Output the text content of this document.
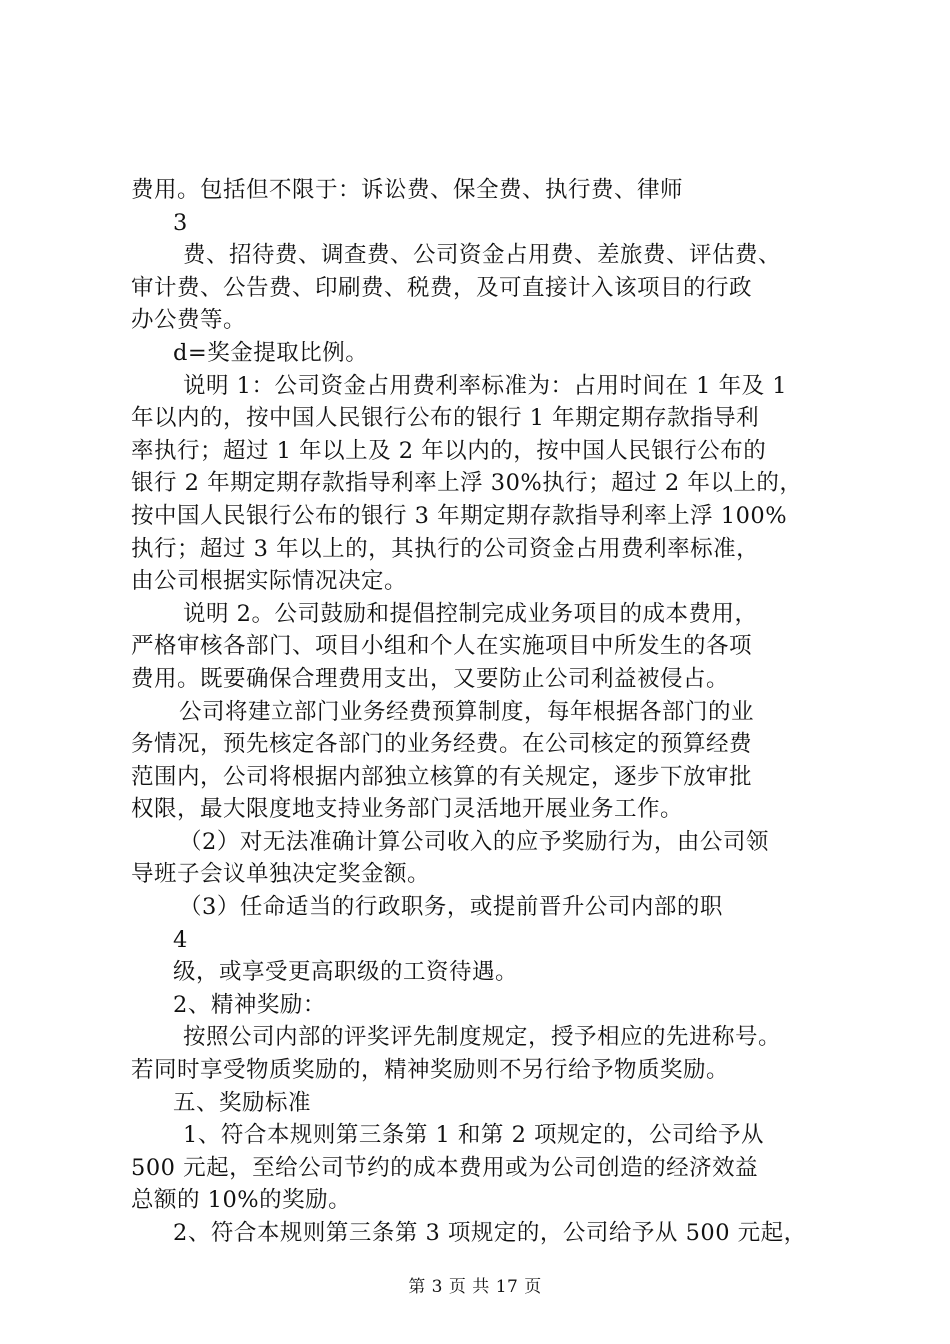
费用。包括但不限于：诉讼费、保全费、执行费、律师
3
费、招待费、调查费、公司资金占用费、差旅费、评估费、
审计费、公告费、印刷费、税费，及可直接计入该项目的行政
办公费等。
d=奖金提取比例。
说明 1：公司资金占用费利率标准为：占用时间在 1 年及 1
年以内的，按中国人民银行公布的银行 1 年期定期存款指导利
率执行；超过 1 年以上及 2 年以内的，按中国人民银行公布的
银行 2 年期定期存款指导利率上浮 30%执行；超过 2 年以上的，
按中国人民银行公布的银行 3 年期定期存款指导利率上浮 100%
执行；超过 3 年以上的，其执行的公司资金占用费利率标准，
由公司根据实际情况决定。
说明 2。公司鼓励和提倡控制完成业务项目的成本费用，
严格审核各部门、项目小组和个人在实施项目中所发生的各项
费用。既要确保合理费用支出，又要防止公司利益被侵占。
公司将建立部门业务经费预算制度，每年根据各部门的业
务情况，预先核定各部门的业务经费。在公司核定的预算经费
范围内，公司将根据内部独立核算的有关规定，逐步下放审批
权限，最大限度地支持业务部门灵活地开展业务工作。
（2）对无法准确计算公司收入的应予奖励行为，由公司领
导班子会议单独决定奖金额。
（3）任命适当的行政职务，或提前晋升公司内部的职
4
级，或享受更高职级的工资待遇。
2、精神奖励：
按照公司内部的评奖评先制度规定，授予相应的先进称号。
若同时享受物质奖励的，精神奖励则不另行给予物质奖励。
五、奖励标准
1、符合本规则第三条第 1 和第 2 项规定的，公司给予从
500 元起，至给公司节约的成本费用或为公司创造的经济效益
总额的 10%的奖励。
2、符合本规则第三条第 3 项规定的，公司给予从 500 元起，
第 3 页 共 17 页
